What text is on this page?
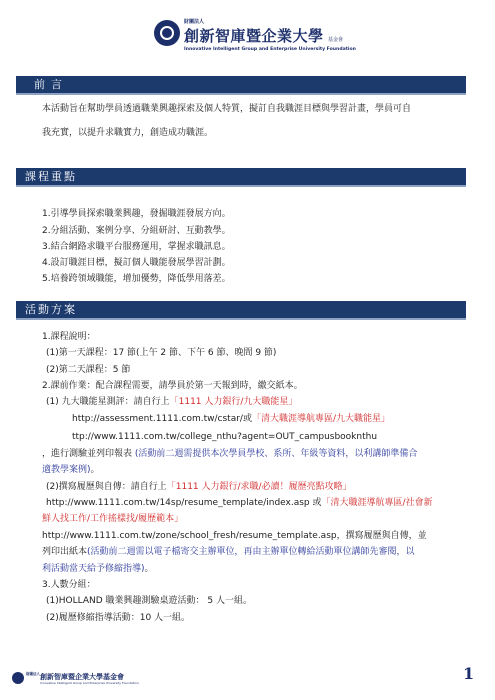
財團法人
創新智庫暨企業大學 基金會
Innovative Intelligent Group and Enterprise University Foundation
前言
本活動旨在幫助學員透過職業興趣探索及個人特質，擬訂自我職涯目標與學習計畫，學員可自
我充實，以提升求職實力，創造成功職涯。
課程重點
1.引導學員探索職業興趣，發掘職涯發展方向。
2.分組活動、案例分享、分組研討、互動教學。
3.結合網路求職平台服務運用，掌握求職訊息。
4.設訂職涯目標，擬訂個人職能發展學習計劃。
5.培養跨領域職能，增加優勢，降低學用落差。
活動方案
1.課程說明：
(1)第一天課程：17 節(上午 2 節、下午 6 節、晚間 9 節)
(2)第二天課程：5 節
2.課前作業：配合課程需要，請學員於第一天報到時，繳交紙本。
(1) 九大職能星測評：請自行上「1111 人力銀行/九大職能星」
http://assessment.1111.com.tw/cstar/或「清大職涯導航專區/九大職能星」
ttp://www.1111.com.tw/college_nthu?agent=OUT_campusbooknthu
，進行測驗並列印報表 (活動前二週需提供本次學員學校、系所、年級等資料，以利講師準備合
適教學案例)。
(2)撰寫履歷與自傳：請自行上「1111 人力銀行/求職/必讀！履歷亮點攻略」
http://www.1111.com.tw/14sp/resume_template/index.asp 或「清大職涯導航專區/社會新
鮮人找工作/工作搖樣找/履歷範本」
http://www.1111.com.tw/zone/school_fresh/resume_template.asp，撰寫履歷與自傳，並
列印出紙本(活動前二週需以電子檔寄交主辦單位，再由主辦單位轉給活動單位講師先審閱，以
利活動當天給予修縮指導)。
3.人數分組：
(1)HOLLAND 職業興趣測驗桌遊活動： 5 人一組。
(2)履歷修縮指導活動：10 人一組。
財團法人 創新智庫暨企業大學基金會
Innovative Intelligent Group and Enterprise University Foundation	1
